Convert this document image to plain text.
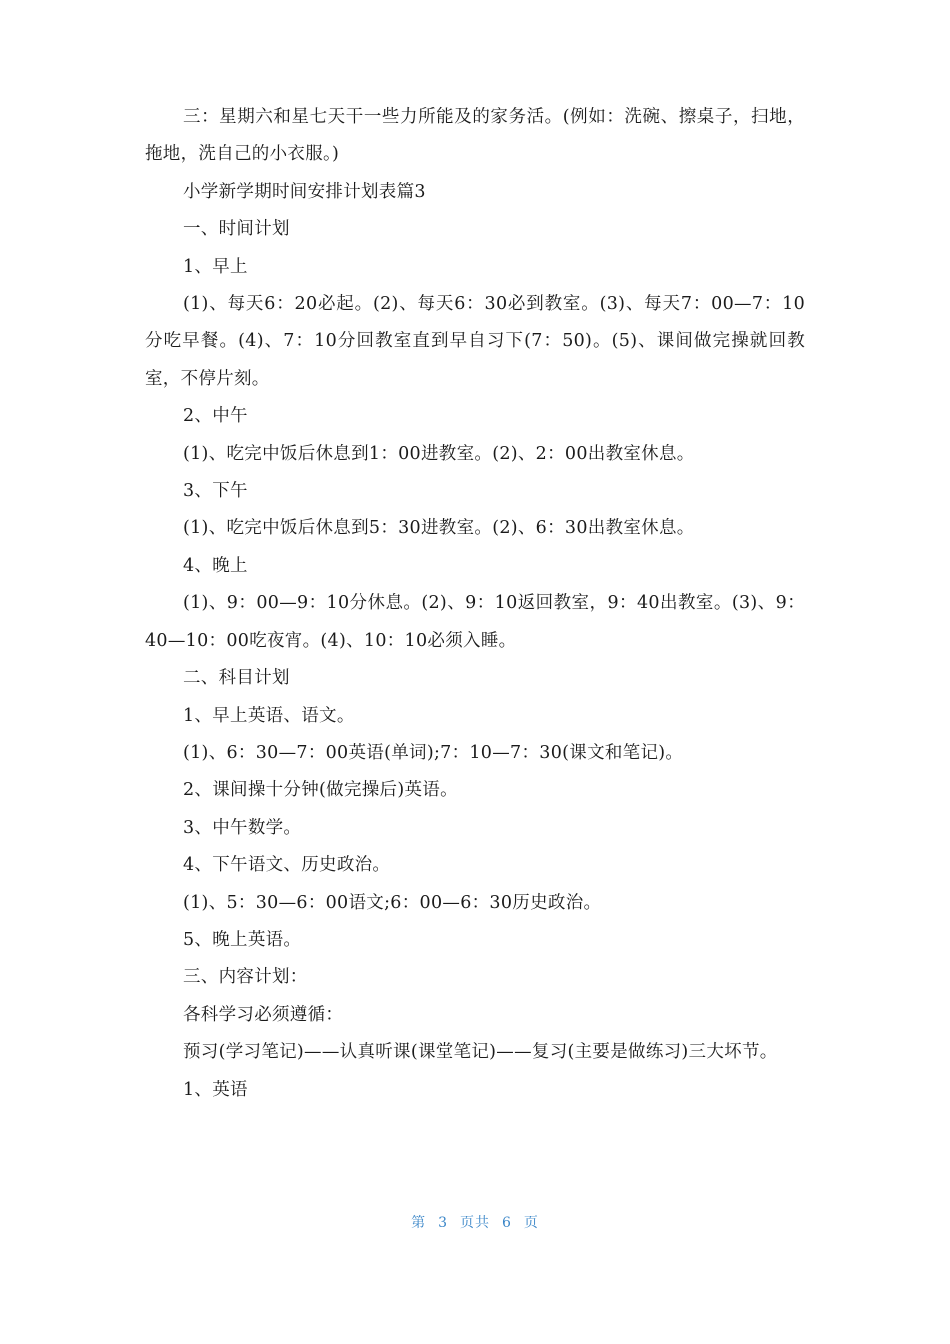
三：星期六和星七天干一些力所能及的家务活。(例如：洗碗、擦桌子，扫地，拖地，洗自己的小衣服。)

小学新学期时间安排计划表篇3

一、时间计划

1、早上

(1)、每天6：20必起。(2)、每天6：30必到教室。(3)、每天7：00—7：10分吃早餐。(4)、7：10分回教室直到早自习下(7：50)。(5)、课间做完操就回教室，不停片刻。

2、中午

(1)、吃完中饭后休息到1：00进教室。(2)、2：00出教室休息。

3、下午

(1)、吃完中饭后休息到5：30进教室。(2)、6：30出教室休息。

4、晚上

(1)、9：00—9：10分休息。(2)、9：10返回教室，9：40出教室。(3)、9：40—10：00吃夜宵。(4)、10：10必须入睡。

二、科目计划

1、早上英语、语文。

(1)、6：30—7：00英语(单词);7：10—7：30(课文和笔记)。

2、课间操十分钟(做完操后)英语。

3、中午数学。

4、下午语文、历史政治。

(1)、5：30—6：00语文;6：00—6：30历史政治。

5、晚上英语。

三、内容计划：

各科学习必须遵循：

预习(学习笔记)——认真听课(课堂笔记)——复习(主要是做练习)三大坏节。

1、英语

第 3 页共 6 页
